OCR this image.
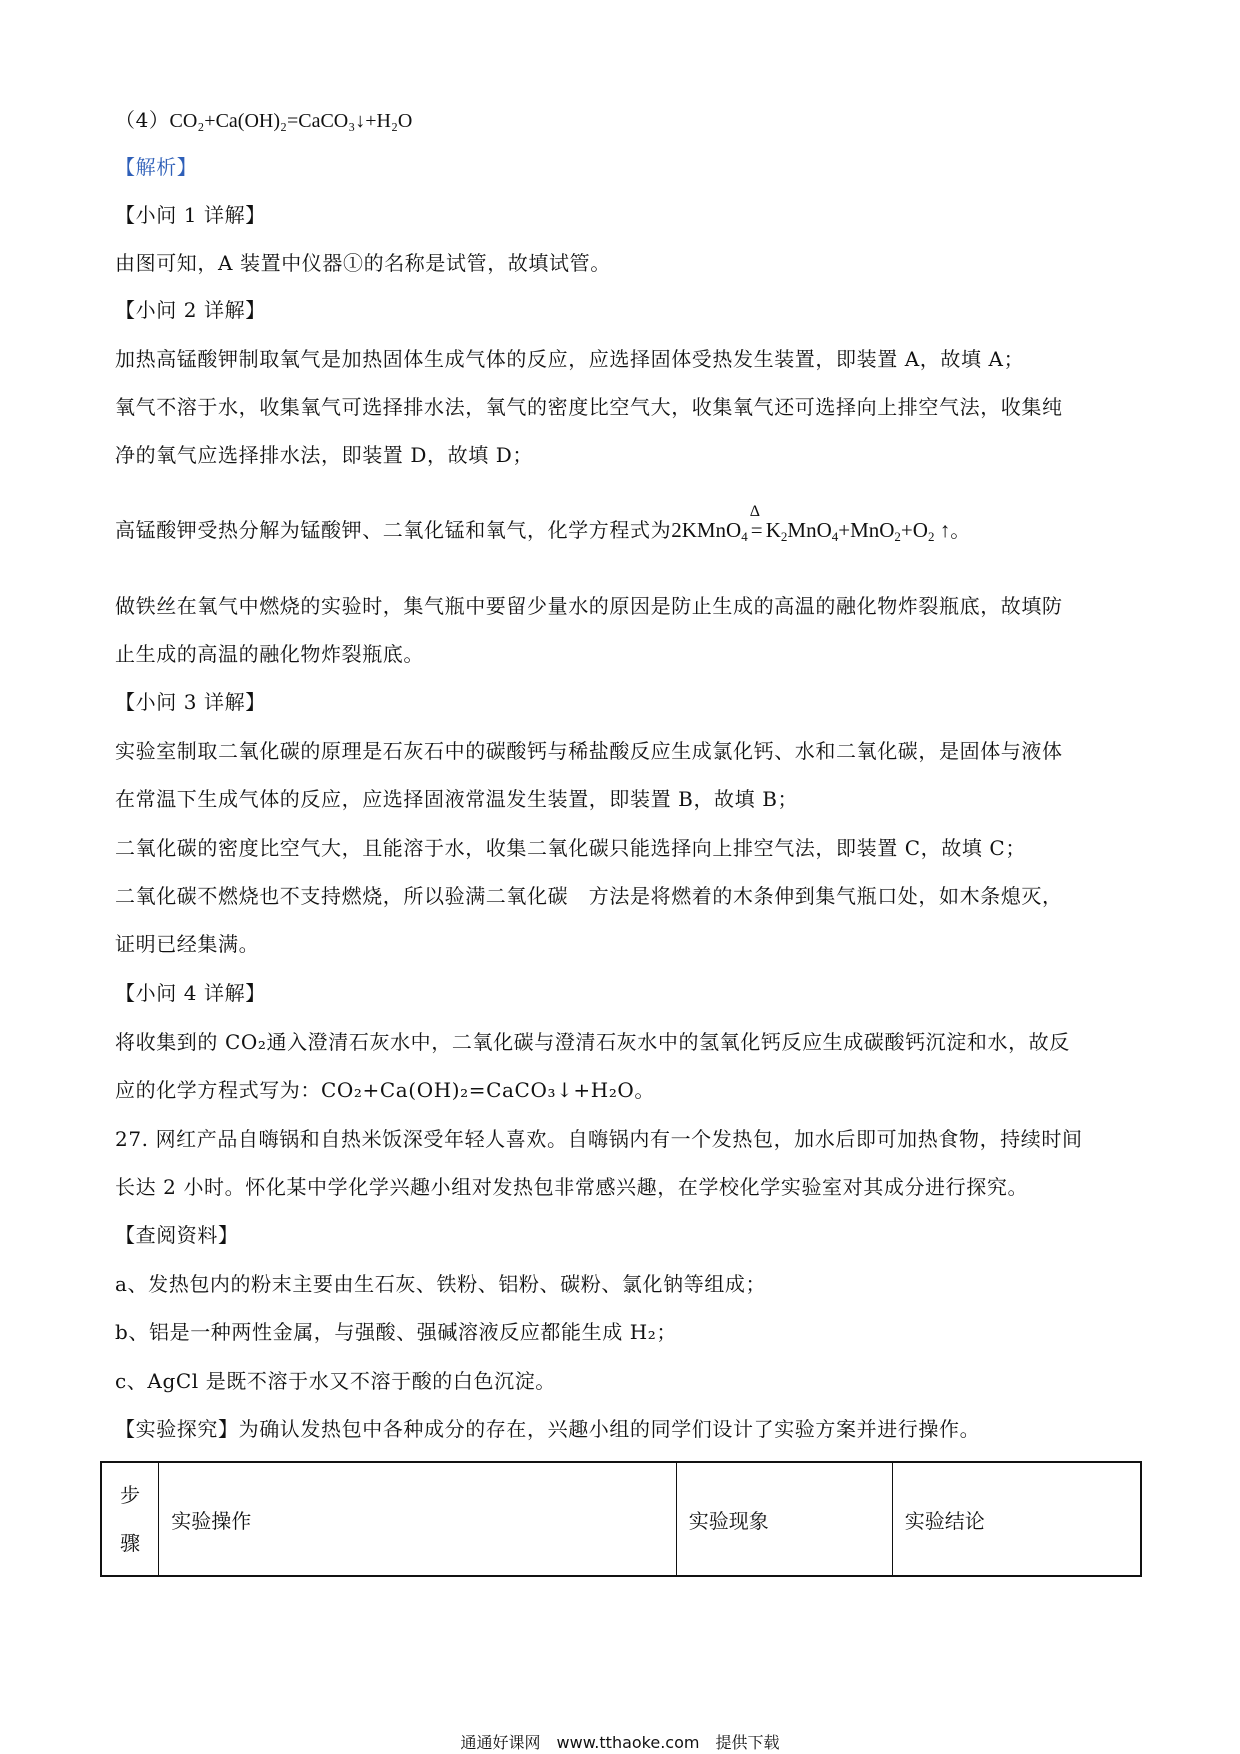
（4）CO₂+Ca(OH)₂=CaCO₃↓+H₂O
【解析】
【小问 1 详解】
由图可知，A 装置中仪器①的名称是试管，故填试管。
【小问 2 详解】
加热高锰酸钾制取氧气是加热固体生成气体的反应，应选择固体受热发生装置，即装置 A，故填 A；
氧气不溶于水，收集氧气可选择排水法，氧气的密度比空气大，收集氧气还可选择向上排空气法，收集纯
净的氧气应选择排水法，即装置 D，故填 D；
高锰酸钾受热分解为锰酸钾、二氧化锰和氧气，化学方程式为2KMnO$_4$
Δ
= $K_2MnO_4+MnO_2+O_2$ ↑。
做铁丝在氧气中燃烧的实验时，集气瓶中要留少量水的原因是防止生成的高温的融化物炸裂瓶底，故填防
止生成的高温的融化物炸裂瓶底。
【小问 3 详解】
实验室制取二氧化碳的原理是石灰石中的碳酸钙与稀盐酸反应生成氯化钙、水和二氧化碳，是固体与液体
在常温下生成气体的反应，应选择固液常温发生装置，即装置 B，故填 B；
二氧化碳的密度比空气大，且能溶于水，收集二氧化碳只能选择向上排空气法，即装置 C，故填 C；
二氧化碳不燃烧也不支持燃烧，所以验满二氧化碳　方法是将燃着的木条伸到集气瓶口处，如木条熄灭，
证明已经集满。
【小问 4 详解】
将收集到的 CO₂通入澄清石灰水中，二氧化碳与澄清石灰水中的氢氧化钙反应生成碳酸钙沉淀和水，故反
应的化学方程式写为：CO₂+Ca(OH)₂=CaCO₃↓+H₂O。
27. 网红产品自嗨锅和自热米饭深受年轻人喜欢。自嗨锅内有一个发热包，加水后即可加热食物，持续时间
长达 2 小时。怀化某中学化学兴趣小组对发热包非常感兴趣，在学校化学实验室对其成分进行探究。
【查阅资料】
a、发热包内的粉末主要由生石灰、铁粉、铝粉、碳粉、氯化钠等组成；
b、铝是一种两性金属，与强酸、强碱溶液反应都能生成 H₂；
c、AgCl 是既不溶于水又不溶于酸的白色沉淀。
【实验探究】为确认发热包中各种成分的存在，兴趣小组的同学们设计了实验方案并进行操作。
步
骤	实验操作	实验现象	实验结论
通通好课网　www.tthaoke.com　提供下载
